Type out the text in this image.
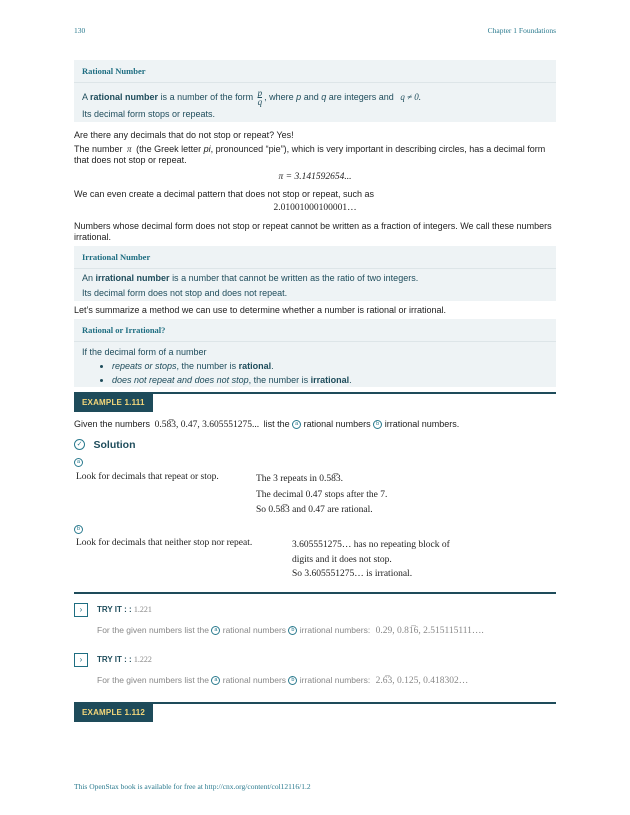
130	Chapter 1 Foundations
Rational Number
A rational number is a number of the form $\frac{p}{q}$ , where p and q are integers and q ≠ 0.
Its decimal form stops or repeats.
Are there any decimals that do not stop or repeat? Yes!
The number π (the Greek letter pi, pronounced “pie”), which is very important in describing circles, has a decimal form that does not stop or repeat.
π = 3.141592654...
We can even create a decimal pattern that does not stop or repeat, such as
2.01001000100001…
Numbers whose decimal form does not stop or repeat cannot be written as a fraction of integers. We call these numbers irrational.
Irrational Number
An irrational number is a number that cannot be written as the ratio of two integers.
Its decimal form does not stop and does not repeat.
Let’s summarize a method we can use to determine whether a number is rational or irrational.
Rational or Irrational?
If the decimal form of a number
• repeats or stops, the number is rational.
• does not repeat and does not stop, the number is irrational.
EXAMPLE 1.111
Given the numbers 0.58̅3, 0.47, 3.605551275... list the a rational numbers b irrational numbers.
✓ Solution
a
Look for decimals that repeat or stop.	The 3 repeats in 0.58̅3.
The decimal 0.47 stops after the 7.
So 0.58̅3 and 0.47 are rational.
b
Look for decimals that neither stop nor repeat.	3.605551275… has no repeating block of
digits and it does not stop.
So 3.605551275… is irrational.
›	TRY IT : : 1.221
For the given numbers list the a rational numbers b irrational numbers: 0.29, 0.81̅6, 2.515115111….
›	TRY IT : : 1.222
For the given numbers list the a rational numbers b irrational numbers: 2.6̅3, 0.125, 0.418302…
EXAMPLE 1.112
This OpenStax book is available for free at http://cnx.org/content/col12116/1.2
